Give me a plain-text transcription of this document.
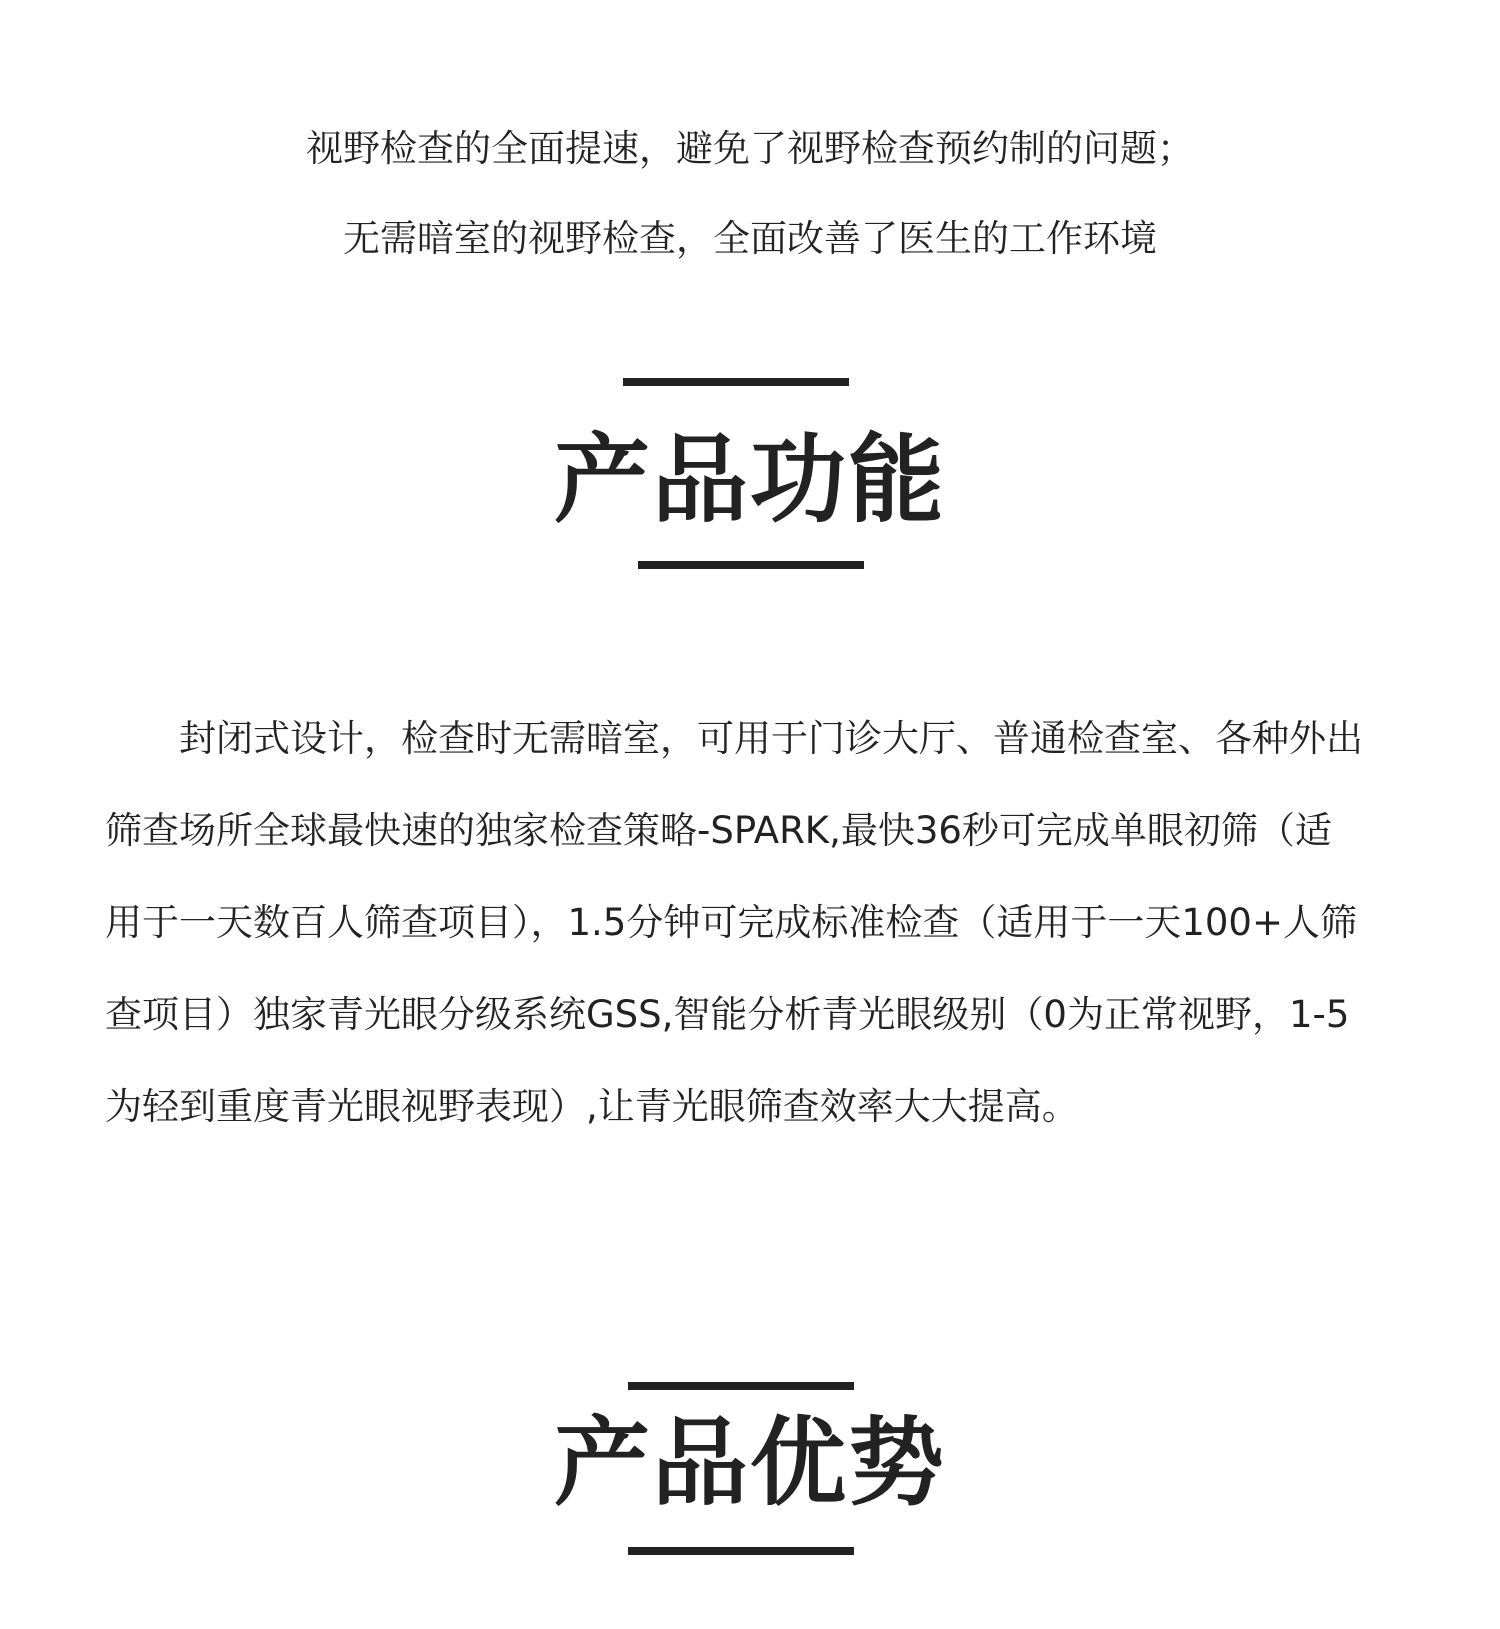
视野检查的全面提速，避免了视野检查预约制的问题；
无需暗室的视野检查，全面改善了医生的工作环境
产品功能

封闭式设计，检查时无需暗室，可用于门诊大厅、普通检查室、各种外出筛查场所全球最快速的独家检查策略-SPARK,最快36秒可完成单眼初筛（适用于一天数百人筛查项目），1.5分钟可完成标准检查（适用于一天100+人筛查项目）独家青光眼分级系统GSS,智能分析青光眼级别（0为正常视野，1-5为轻到重度青光眼视野表现）,让青光眼筛查效率大大提高。

产品优势
